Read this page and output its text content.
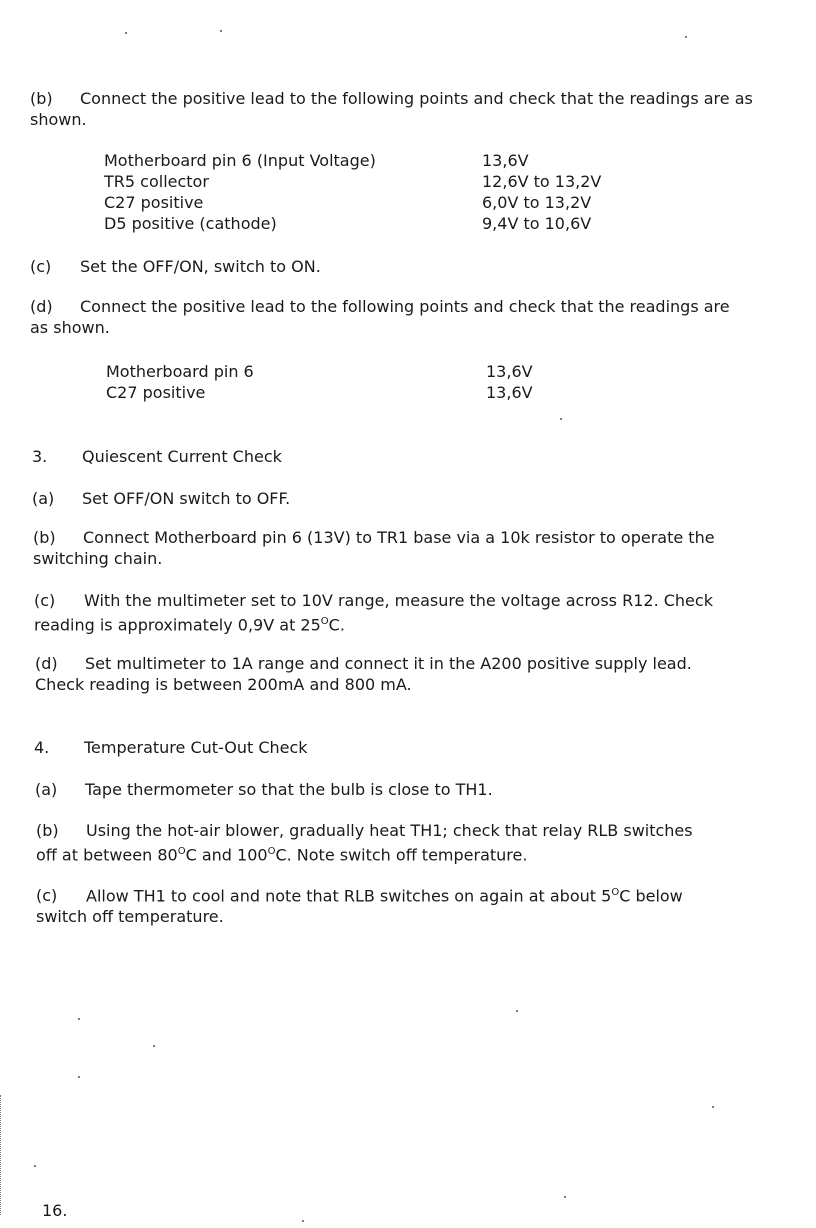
(b) Connect the positive lead to the following points and check that the readings are as
shown.

Motherboard pin 6 (Input Voltage)	13,6V
TR5 collector	12,6V to 13,2V
C27 positive	6,0V to 13,2V
D5 positive (cathode)	9,4V to 10,6V

(c) Set the OFF/ON, switch to ON.

(d) Connect the positive lead to the following points and check that the readings are
as shown.

Motherboard pin 6	13,6V
C27 positive	13,6V

3. Quiescent Current Check

(a) Set OFF/ON switch to OFF.

(b) Connect Motherboard pin 6 (13V) to TR1 base via a 10k resistor to operate the
switching chain.

(c) With the multimeter set to 10V range, measure the voltage across R12. Check
reading is approximately 0,9V at $25^OC$.

(d) Set multimeter to 1A range and connect it in the A200 positive supply lead.
Check reading is between 200mA and 800 mA.

4. Temperature Cut-Out Check

(a) Tape thermometer so that the bulb is close to TH1.

(b) Using the hot-air blower, gradually heat TH1; check that relay RLB switches
off at between $80^OC$ and $100^OC$. Note switch off temperature.

(c) Allow TH1 to cool and note that RLB switches on again at about $5^OC$ below
switch off temperature.

16.
